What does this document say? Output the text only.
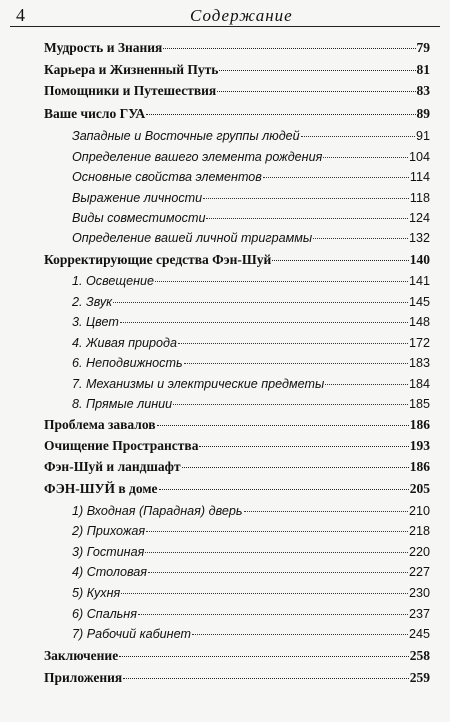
4	Содержание
Мудрость и Знания	79
Карьера и Жизненный Путь	81
Помощники и Путешествия	83
Ваше число ГУА	89
Западные и Восточные группы людей	91
Определение вашего элемента рождения	104
Основные свойства элементов	114
Выражение личности	118
Виды совместимости	124
Определение вашей личной триграммы	132
Корректирующие средства Фэн-Шуй	140
1. Освещение	141
2. Звук	145
3. Цвет	148
4. Живая природа	172
6. Неподвижность	183
7. Механизмы и электрические предметы	184
8. Прямые линии	185
Проблема завалов	186
Очищение Пространства	193
Фэн-Шуй и ландшафт	186
ФЭН-ШУЙ в доме	205
1) Входная (Парадная) дверь	210
2) Прихожая	218
3) Гостиная	220
4) Столовая	227
5) Кухня	230
6) Спальня	237
7) Рабочий кабинет	245
Заключение	258
Приложения	259
